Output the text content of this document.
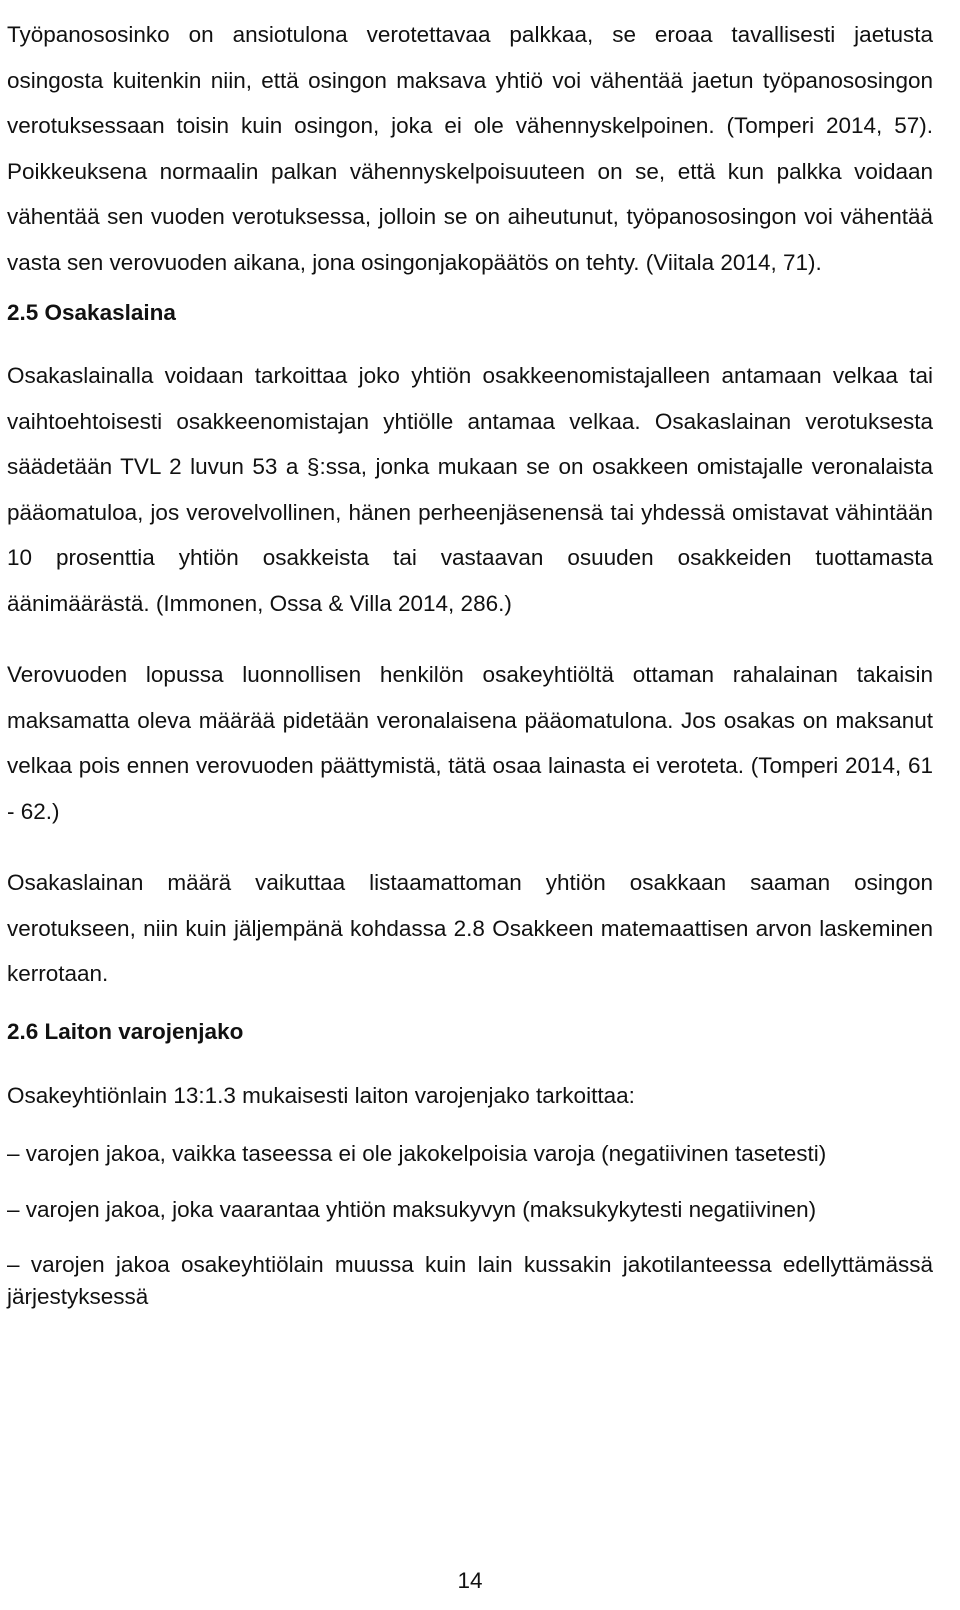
Työpanososinko on ansiotulona verotettavaa palkkaa, se eroaa tavallisesti jaetusta osingosta kuitenkin niin, että osingon maksava yhtiö voi vähentää jaetun työpanososingon verotuksessaan toisin kuin osingon, joka ei ole vähennyskelpoinen. (Tomperi 2014, 57). Poikkeuksena normaalin palkan vähennyskelpoisuuteen on se, että kun palkka voidaan vähentää sen vuoden verotuksessa, jolloin se on aiheutunut, työpanososingon voi vähentää vasta sen verovuoden aikana, jona osingonjakopäätös on tehty. (Viitala 2014, 71).

2.5 Osakaslaina

Osakaslainalla voidaan tarkoittaa joko yhtiön osakkeenomistajalleen antamaan velkaa tai vaihtoehtoisesti osakkeenomistajan yhtiölle antamaa velkaa. Osakaslainan verotuksesta säädetään TVL 2 luvun 53 a §:ssa, jonka mukaan se on osakkeen omistajalle veronalaista pääomatuloa, jos verovelvollinen, hänen perheenjäsenensä tai yhdessä omistavat vähintään 10 prosenttia yhtiön osakkeista tai vastaavan osuuden osakkeiden tuottamasta äänimäärästä. (Immonen, Ossa & Villa 2014, 286.)

Verovuoden lopussa luonnollisen henkilön osakeyhtiöltä ottaman rahalainan takaisin maksamatta oleva määrää pidetään veronalaisena pääomatulona. Jos osakas on maksanut velkaa pois ennen verovuoden päättymistä, tätä osaa lainasta ei veroteta. (Tomperi 2014, 61 - 62.)

Osakaslainan määrä vaikuttaa listaamattoman yhtiön osakkaan saaman osingon verotukseen, niin kuin jäljempänä kohdassa 2.8 Osakkeen matemaattisen arvon laskeminen kerrotaan.

2.6 Laiton varojenjako

Osakeyhtiönlain 13:1.3 mukaisesti laiton varojenjako tarkoittaa:

– varojen jakoa, vaikka taseessa ei ole jakokelpoisia varoja (negatiivinen tasetesti)
– varojen jakoa, joka vaarantaa yhtiön maksukyvyn (maksukykytesti negatiivinen)
– varojen jakoa osakeyhtiölain muussa kuin lain kussakin jakotilanteessa edellyttämässä järjestyksessä
14
